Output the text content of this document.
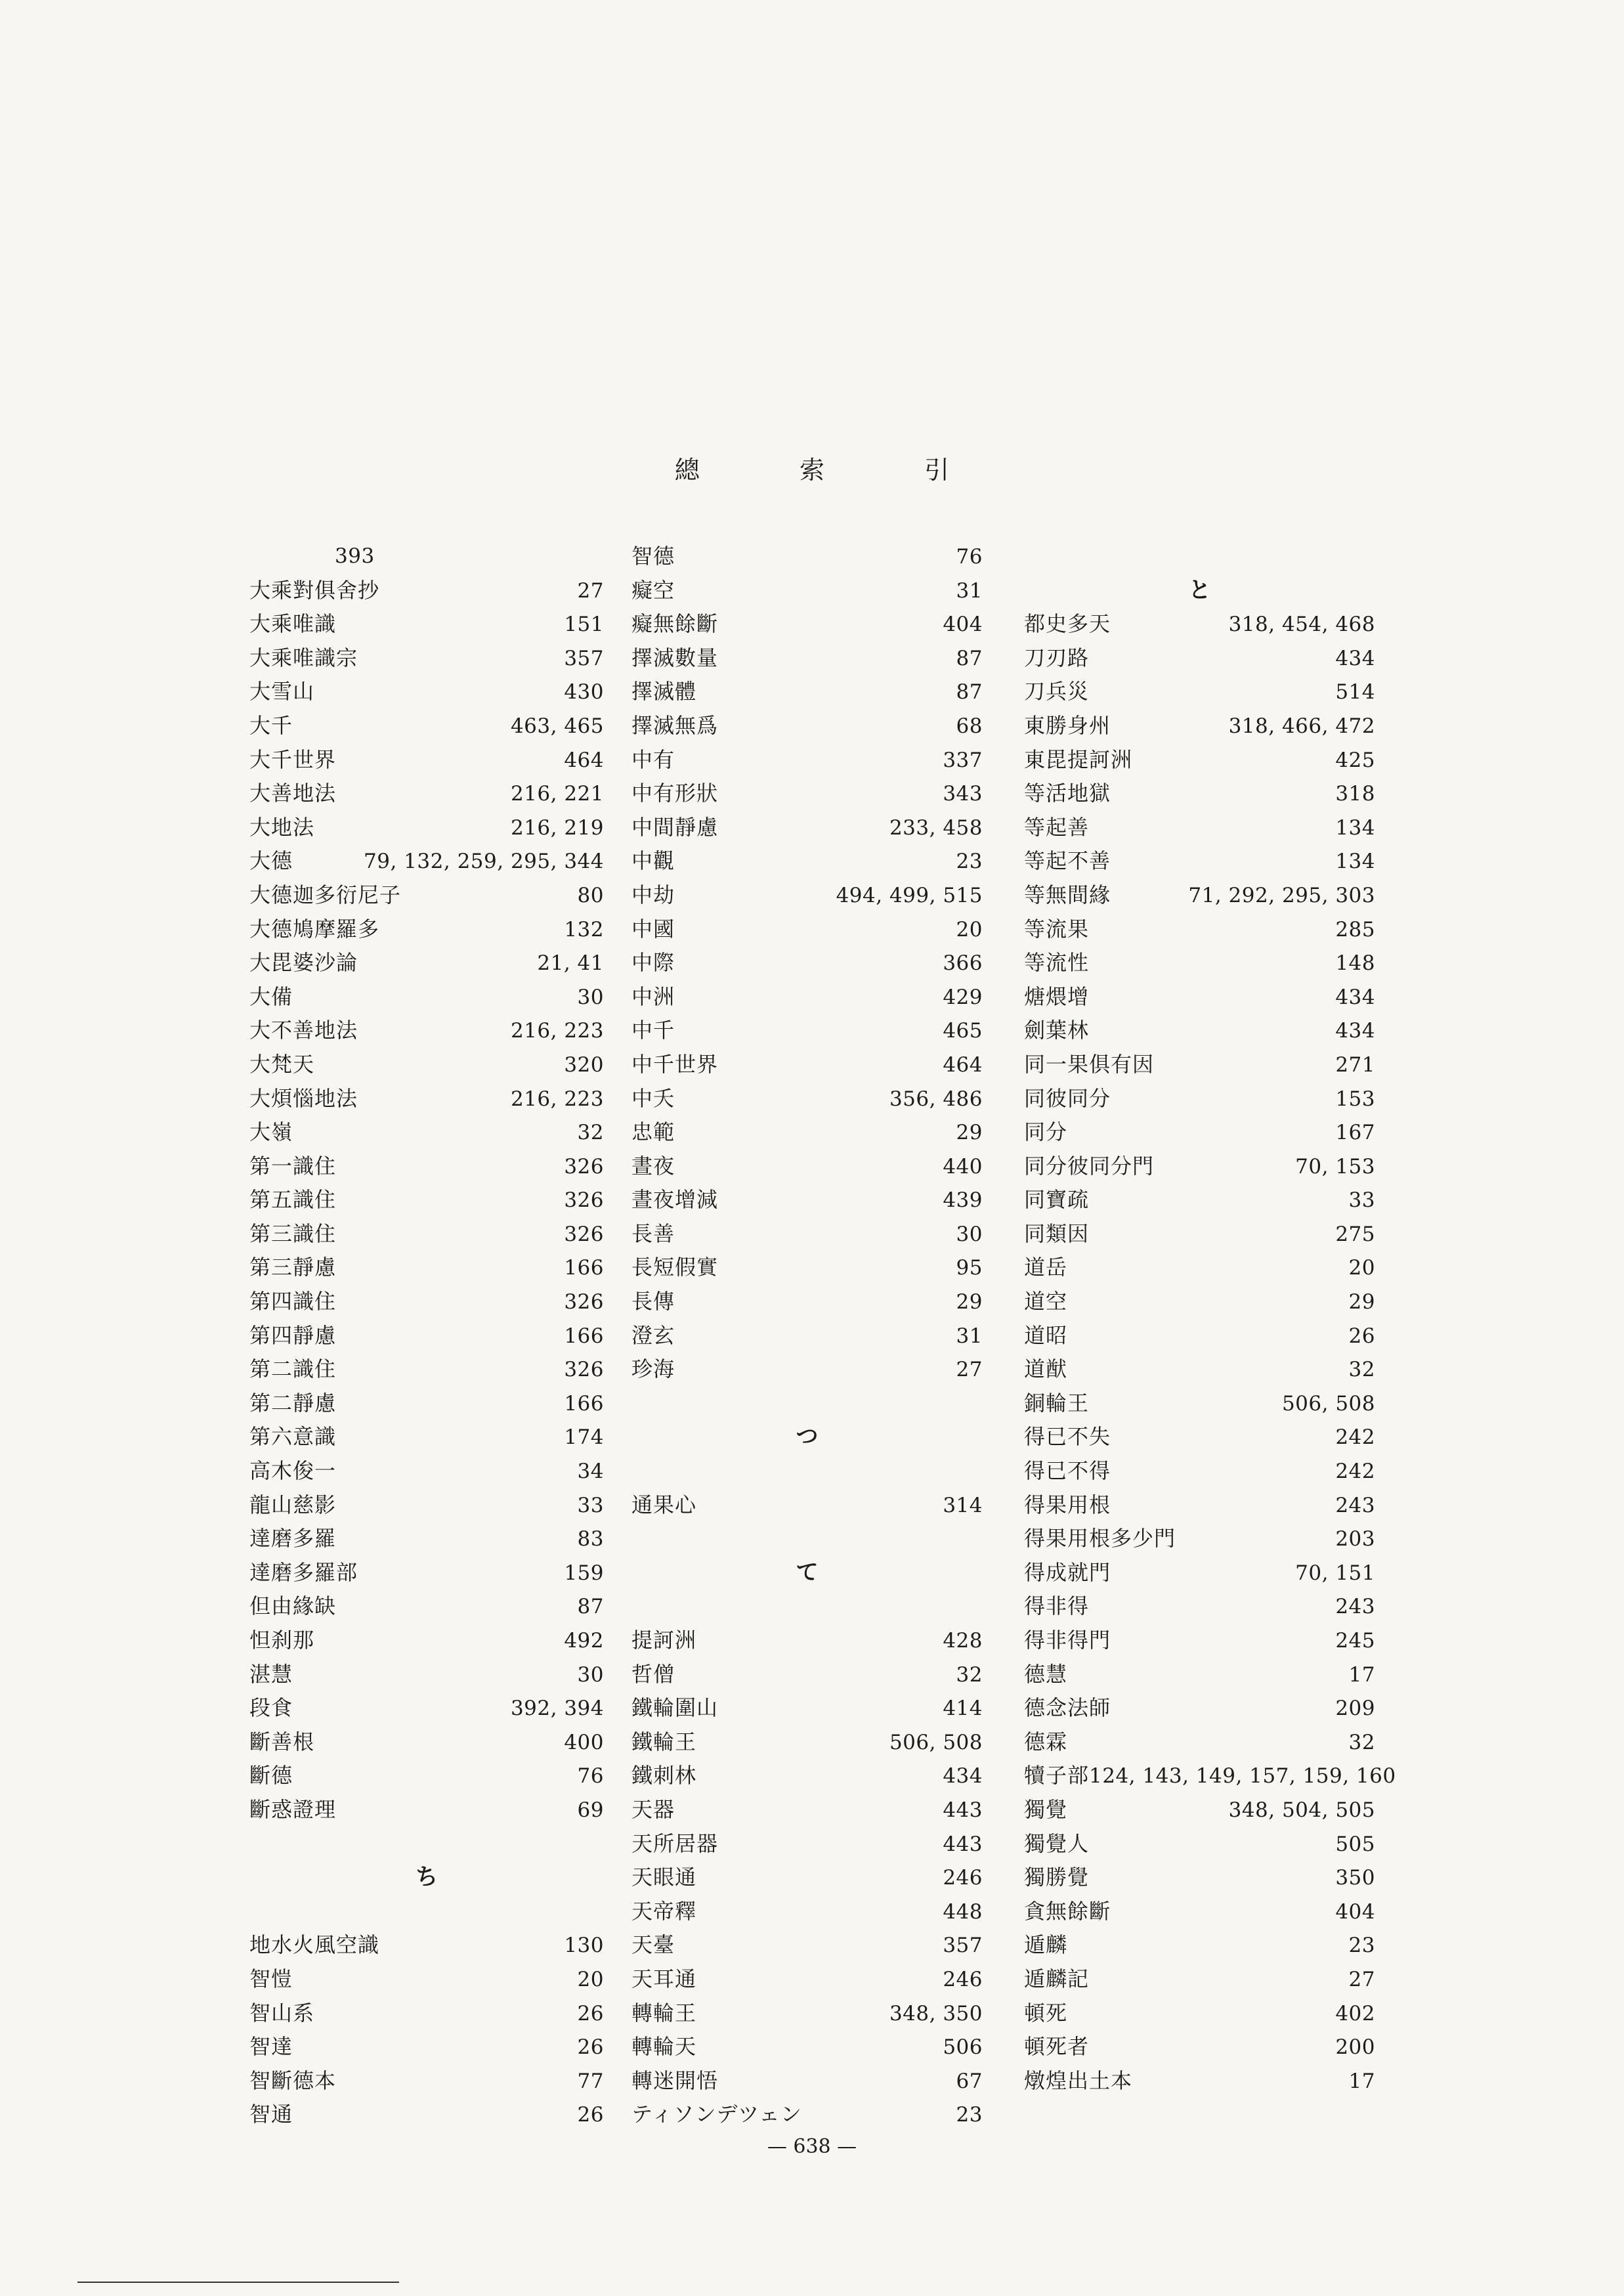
總 索 引
393
大乘對俱舍抄	27
大乘唯識	151
大乘唯識宗	357
大雪山	430
大千	463, 465
大千世界	464
大善地法	216, 221
大地法	216, 219
大德	79, 132, 259, 295, 344
大德迦多衍尼子	80
大德鳩摩羅多	132
大毘婆沙論	21, 41
大備	30
大不善地法	216, 223
大梵天	320
大煩惱地法	216, 223
大嶺	32
第一識住	326
第五識住	326
第三識住	326
第三靜慮	166
第四識住	326
第四靜慮	166
第二識住	326
第二靜慮	166
第六意識	174
高木俊一	34
龍山慈影	33
達磨多羅	83
達磨多羅部	159
但由緣缺	87
怛刹那	492
湛慧	30
段食	392, 394
斷善根	400
斷德	76
斷惑證理	69
ち
地水火風空識	130
智愷	20
智山系	26
智達	26
智斷德本	77
智通	26
智德	76
癡空	31
癡無餘斷	404
擇滅數量	87
擇滅體	87
擇滅無爲	68
中有	337
中有形狀	343
中間靜慮	233, 458
中觀	23
中劫	494, 499, 515
中國	20
中際	366
中洲	429
中千	465
中千世界	464
中夭	356, 486
忠範	29
晝夜	440
晝夜增減	439
長善	30
長短假實	95
長傳	29
澄玄	31
珍海	27
つ
通果心	314
て
提訶洲	428
哲僧	32
鐵輪圍山	414
鐵輪王	506, 508
鐵刺林	434
天器	443
天所居器	443
天眼通	246
天帝釋	448
天臺	357
天耳通	246
轉輪王	348, 350
轉輪天	506
轉迷開悟	67
ティソンデツェン	23
と
都史多天	318, 454, 468
刀刃路	434
刀兵災	514
東勝身州	318, 466, 472
東毘提訶洲	425
等活地獄	318
等起善	134
等起不善	134
等無間緣	71, 292, 295, 303
等流果	285
等流性	148
煻煨增	434
劍葉林	434
同一果俱有因	271
同彼同分	153
同分	167
同分彼同分門	70, 153
同寶疏	33
同類因	275
道岳	20
道空	29
道昭	26
道猷	32
銅輪王	506, 508
得已不失	242
得已不得	242
得果用根	243
得果用根多少門	203
得成就門	70, 151
得非得	243
得非得門	245
德慧	17
德念法師	209
德霖	32
犢子部 124, 143, 149, 157, 159, 160
獨覺	348, 504, 505
獨覺人	505
獨勝覺	350
貪無餘斷	404
遁麟	23
遁麟記	27
頓死	402
頓死者	200
燉煌出土本	17
— 638 —
